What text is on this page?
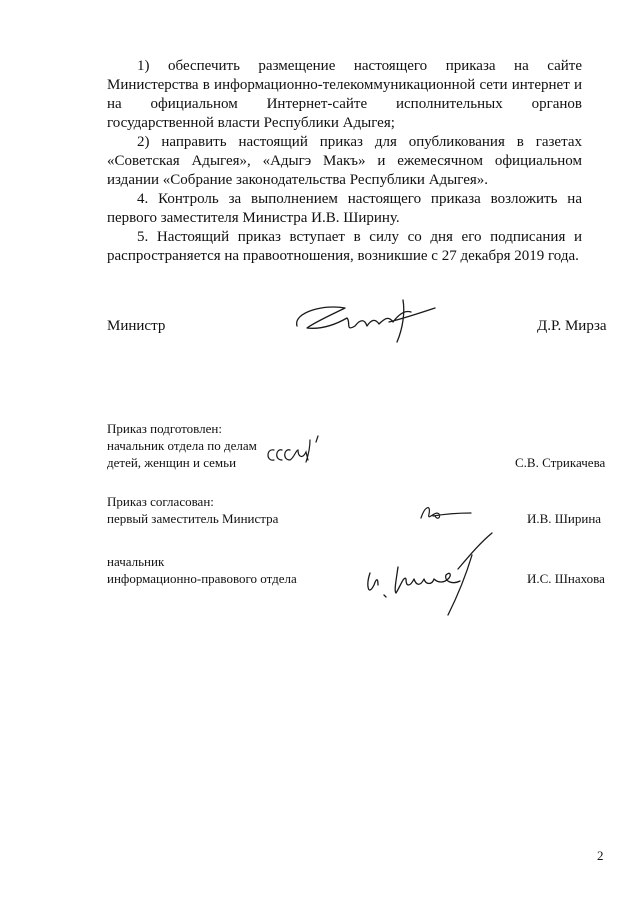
1) обеспечить размещение настоящего приказа на сайте Министерства в информационно-телекоммуникационной сети интернет и на официальном Интернет-сайте исполнительных органов государственной власти Республики Адыгея;

2) направить настоящий приказ для опубликования в газетах «Советская Адыгея», «Адыгэ Макъ» и ежемесячном официальном издании «Собрание законодательства Республики Адыгея».

4. Контроль за выполнением настоящего приказа возложить на первого заместителя Министра И.В. Ширину.

5. Настоящий приказ вступает в силу со дня его подписания и распространяется на правоотношения, возникшие с 27 декабря 2019 года.

Министр	Д.Р. Мирза
Приказ подготовлен:
начальник отдела по делам
детей, женщин и семьи	С.В. Стрикачева
Приказ согласован:
первый заместитель Министра	И.В. Ширина
начальник
информационно-правового отдела	И.С. Шнахова
2
